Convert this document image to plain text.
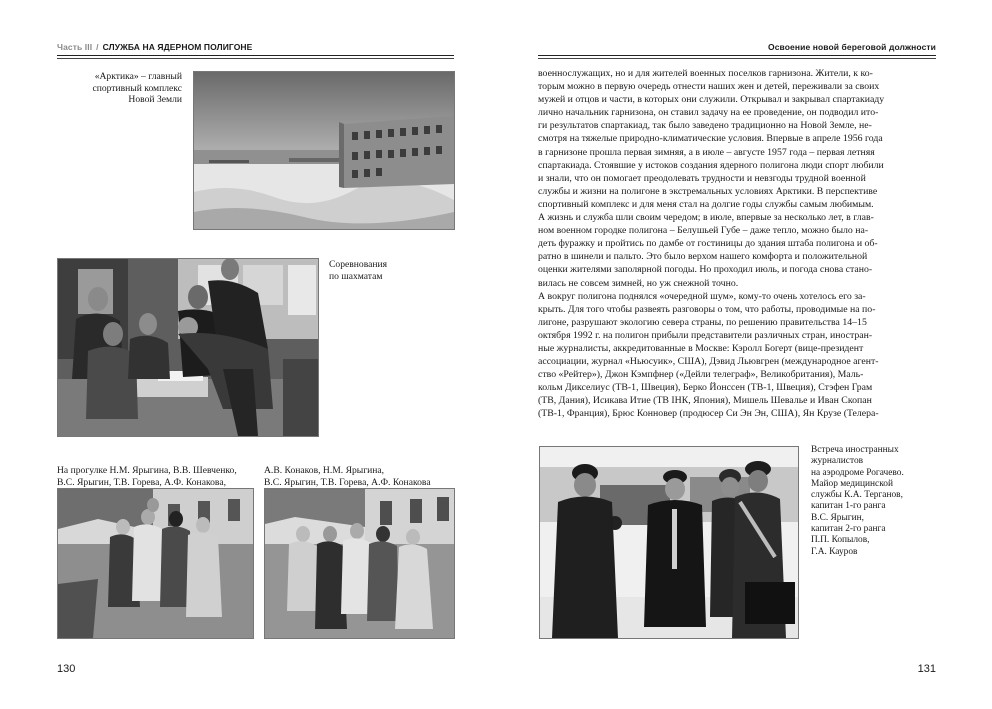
Часть III / СЛУЖБА НА ЯДЕРНОМ ПОЛИГОНЕ
«Арктика» – главный
спортивный комплекс
Новой Земли
Соревнования
по шахматам
На прогулке Н.М. Ярыгина, В.В. Шевченко,
В.С. Ярыгин, Т.В. Горева, А.Ф. Конакова,
А.В. Конаков, Н.М. Ярыгина,
В.С. Ярыгин, Т.В. Горева, А.Ф. Конакова
130
Освоение новой береговой должности
военнослужащих, но и для жителей военных поселков гарнизона. Жители, к ко-
торым можно в первую очередь отнести наших жен и детей, переживали за своих
мужей и отцов и части, в которых они служили. Открывал и закрывал спартакиаду
лично начальник гарнизона, он ставил задачу на ее проведение, он подводил ито-
ги результатов спартакиад, так было заведено традиционно на Новой Земле, не-
смотря на тяжелые природно-климатические условия. Впервые в апреле 1956 года
в гарнизоне прошла первая зимняя, а в июле – августе 1957 года – первая летняя
спартакиада. Стоявшие у истоков создания ядерного полигона люди спорт любили
и знали, что он помогает преодолевать трудности и невзгоды трудной военной
службы и жизни на полигоне в экстремальных условиях Арктики. В перспективе
спортивный комплекс и для меня стал на долгие годы службы самым любимым.
А жизнь и служба шли своим чередом; в июле, впервые за несколько лет, в глав-
ном военном городке полигона – Белушьей Губе – даже тепло, можно было на-
деть фуражку и пройтись по дамбе от гостиницы до здания штаба полигона и об-
ратно в шинели и пальто. Это было верхом нашего комфорта и положительной
оценки жителями заполярной погоды. Но проходил июль, и погода снова стано-
вилась не совсем зимней, но уж снежной точно.
А вокруг полигона поднялся «очередной шум», кому-то очень хотелось его за-
крыть. Для того чтобы развеять разговоры о том, что работы, проводимые на по-
лигоне, разрушают экологию севера страны, по решению правительства 14–15
октября 1992 г. на полигон прибыли представители различных стран, иностран-
ные журналисты, аккредитованные в Москве: Кэролл Богерт (вице-президент
ассоциации, журнал «Ньюсуик», США), Дэвид Льювгрен (международное агент-
ство «Рейтер»), Джон Кэмпфнер («Дейли телеграф», Великобритания), Маль-
кольм Дикселиус (ТВ-1, Швеция), Берко Йонссен (ТВ-1, Швеция), Стэфен Грам
(ТВ, Дания), Исикава Итие (ТВ IНК, Япония), Мишель Шевалье и Иван Скопан
(ТВ-1, Франция), Брюс Конновер (продюсер Си Эн Эн, США), Ян Крузе (Телера-
Встреча иностранных
журналистов
на аэродроме Рогачево.
Майор медицинской
службы К.А. Терганов,
капитан 1-го ранга
В.С. Ярыгин,
капитан 2-го ранга
П.П. Копылов,
Г.А. Кауров
131
